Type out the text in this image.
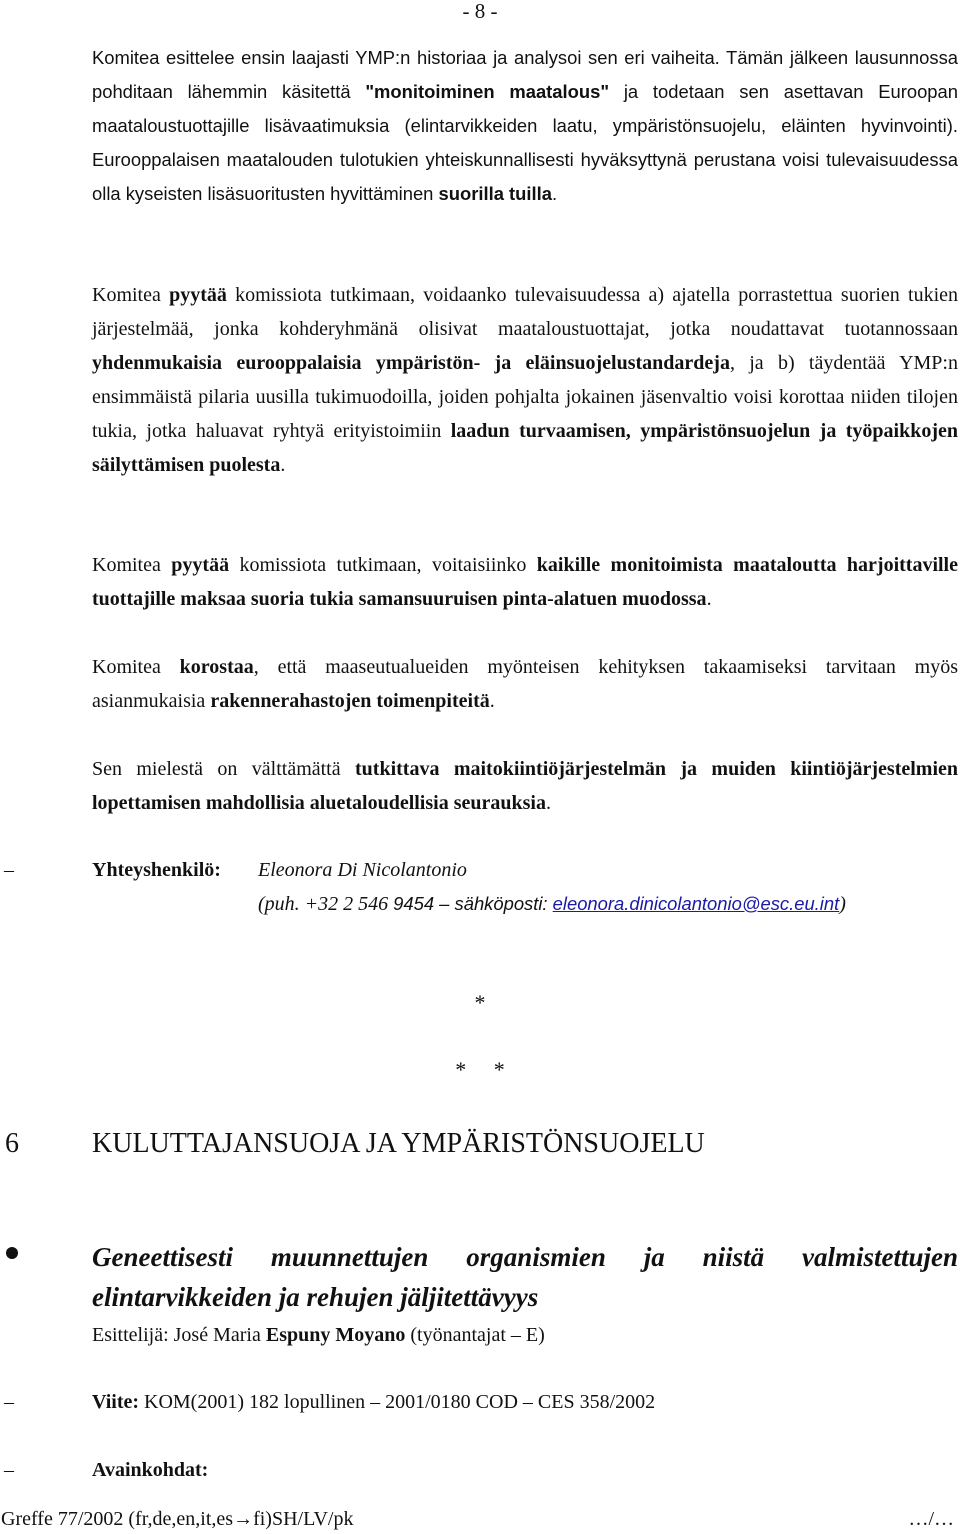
- 8 -

Komitea esittelee ensin laajasti YMP:n historiaa ja analysoi sen eri vaiheita. Tämän jälkeen lausunnossa pohditaan lähemmin käsitettä "monitoiminen maatalous" ja todetaan sen asettavan Euroopan maataloustuottajille lisävaatimuksia (elintarvikkeiden laatu, ympäristönsuojelu, eläinten hyvinvointi). Eurooppalaisen maatalouden tulotukien yhteiskunnallisesti hyväksyttynä perustana voisi tulevaisuudessa olla kyseisten lisäsuoritusten hyvittäminen suorilla tuilla.

Komitea pyytää komissiota tutkimaan, voidaanko tulevaisuudessa a) ajatella porrastettua suorien tukien järjestelmää, jonka kohderyhmänä olisivat maataloustuottajat, jotka noudattavat tuotannossaan yhdenmukaisia eurooppalaisia ympäristön- ja eläinsuojelustandardeja, ja b) täydentää YMP:n ensimmäistä pilaria uusilla tukimuodoilla, joiden pohjalta jokainen jäsenvaltio voisi korottaa niiden tilojen tukia, jotka haluavat ryhtyä erityistoimiin laadun turvaamisen, ympäristönsuojelun ja työpaikkojen säilyttämisen puolesta.

Komitea pyytää komissiota tutkimaan, voitaisiinko kaikille monitoimista maataloutta harjoittaville tuottajille maksaa suoria tukia samansuuruisen pinta-alatuen muodossa.

Komitea korostaa, että maaseutualueiden myönteisen kehityksen takaamiseksi tarvitaan myös asianmukaisia rakennerahastojen toimenpiteitä.

Sen mielestä on välttämättä tutkittava maitokiintiöjärjestelmän ja muiden kiintiöjärjestelmien lopettamisen mahdollisia aluetaloudellisia seurauksia.

–	Yhteyshenkilö: Eleonora Di Nicolantonio
(puh. +32 2 546 9454 – sähköposti: eleonora.dinicolantonio@esc.eu.int)
*
*     *
6	KULUTTAJANSUOJA JA YMPÄRISTÖNSUOJELU

Geneettisesti muunnettujen organismien ja niistä valmistettujen elintarvikkeiden ja rehujen jäljitettävyys

Esittelijä: José Maria Espuny Moyano (työnantajat – E)
–	Viite: KOM(2001) 182 lopullinen – 2001/0180 COD – CES 358/2002
–	Avainkohdat:
Greffe 77/2002 (fr,de,en,it,es→fi)SH/LV/pk	…/…
